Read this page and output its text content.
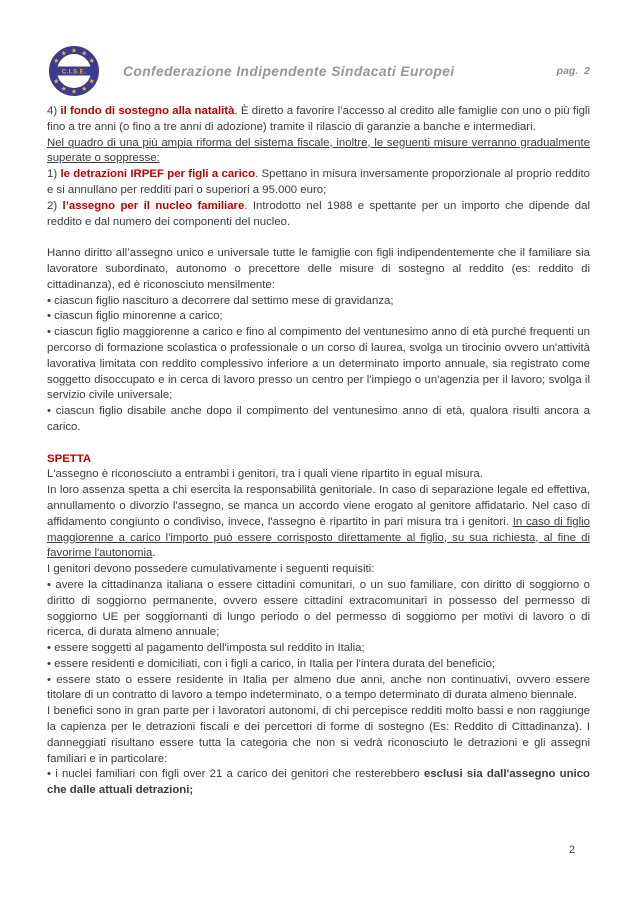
C.I.S.E.	Confederazione Indipendente Sindacati Europei	pag. 2

4) il fondo di sostegno alla natalità. È diretto a favorire l’accesso al credito alle famiglie con uno o più figli fino a tre anni (o fino a tre anni di adozione) tramite il rilascio di garanzie a banche e intermediari.

Nel quadro di una più ampia riforma del sistema fiscale, inoltre, le seguenti misure verranno gradualmente superate o soppresse:

1) le detrazioni IRPEF per figli a carico. Spettano in misura inversamente proporzionale al proprio reddito e si annullano per redditi pari o superiori a 95.000 euro;

2) l’assegno per il nucleo familiare. Introdotto nel 1988 e spettante per un importo che dipende dal reddito e dal numero dei componenti del nucleo.

Hanno diritto all’assegno unico e universale tutte le famiglie con figli indipendentemente che il familiare sia lavoratore subordinato, autonomo o precettore delle misure di sostegno al reddito (es: reddito di cittadinanza), ed è riconosciuto mensilmente:

• ciascun figlio nascituro a decorrere dal settimo mese di gravidanza;

• ciascun figlio minorenne a carico;

• ciascun figlio maggiorenne a carico e fino al compimento del ventunesimo anno di età purché frequenti un percorso di formazione scolastica o professionale o un corso di laurea, svolga un tirocinio ovvero un'attività lavorativa limitata con reddito complessivo inferiore a un determinato importo annuale, sia registrato come soggetto disoccupato e in cerca di lavoro presso un centro per l'impiego o un'agenzia per il lavoro; svolga il servizio civile universale;

• ciascun figlio disabile anche dopo il compimento del ventunesimo anno di età, qualora risulti ancora a carico.

SPETTA

L'assegno è riconosciuto a entrambi i genitori, tra i quali viene ripartito in egual misura.

In loro assenza spetta a chi esercita la responsabilità genitoriale. In caso di separazione legale ed effettiva, annullamento o divorzio l'assegno, se manca un accordo viene erogato al genitore affidatario. Nel caso di affidamento congiunto o condiviso, invece, l'assegno è ripartito in pari misura tra i genitori. In caso di figlio maggiorenne a carico l'importo può essere corrisposto direttamente al figlio, su sua richiesta, al fine di favorirne l'autonomia.

I genitori devono possedere cumulativamente i seguenti requisiti:

• avere la cittadinanza italiana o essere cittadini comunitari, o un suo familiare, con diritto di soggiorno o diritto di soggiorno permanente, ovvero essere cittadini extracomunitari in possesso del permesso di soggiorno UE per soggiornanti di lungo periodo o del permesso di soggiorno per motivi di lavoro o di ricerca, di durata almeno annuale;

• essere soggetti al pagamento dell'imposta sul reddito in Italia;

• essere residenti e domiciliati, con i figli a carico, in Italia per l'intera durata del beneficio;

• essere stato o essere residente in Italia per almeno due anni, anche non continuativi, ovvero essere titolare di un contratto di lavoro a tempo indeterminato, o a tempo determinato di durata almeno biennale.

I benefici sono in gran parte per i lavoratori autonomi, di chi percepisce redditi molto bassi e non raggiunge la capienza per le detrazioni fiscali e dei percettori di forme di sostegno (Es: Reddito di Cittadinanza). I danneggiati risultano essere tutta la categoria che non si vedrà riconosciuto le detrazioni e gli assegni familiari e in particolare:

• i nuclei familiari con figli over 21 a carico dei genitori che resterebbero esclusi sia dall'assegno unico che dalle attuali detrazioni;

2
